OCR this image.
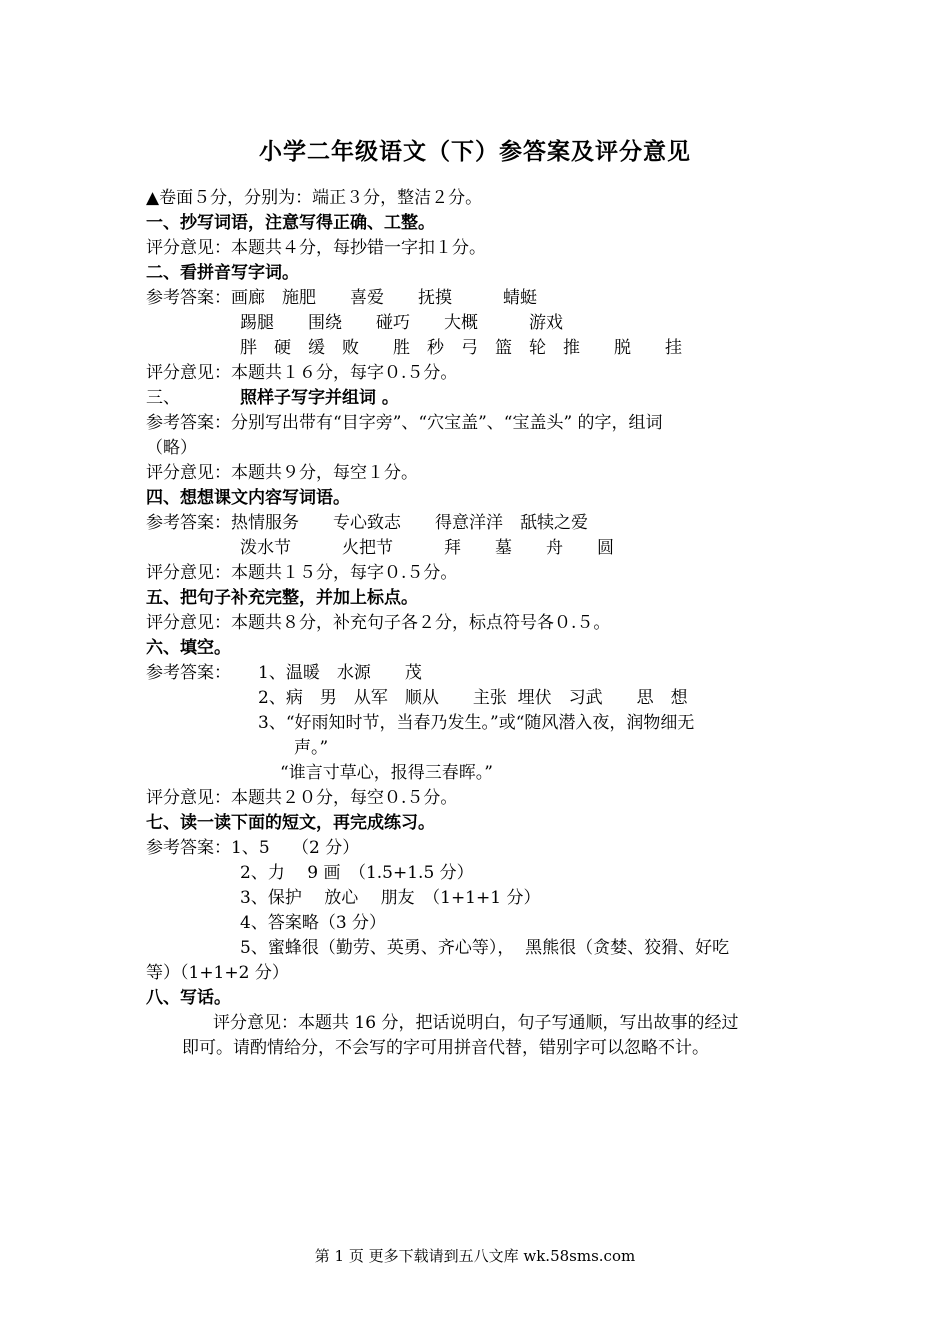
小学二年级语文（下）参答案及评分意见
▲卷面５分，分别为：端正３分，整洁２分。
一、抄写词语，注意写得正确、工整。
评分意见：本题共４分，每抄错一字扣１分。
二、看拼音写字词。
参考答案：画廊　施肥　　喜爱　　抚摸　　　蜻蜓
踢腿　　围绕　　碰巧　　大概　　　游戏
胖　硬　缓　败　　胜　秒　弓　篮　轮　推　　脱　　挂
评分意见：本题共１６分，每字０.５分。
三、	照样子写字并组词 。
参考答案：分别写出带有“目字旁”、“穴宝盖”、“宝盖头” 的字，组词
（略）
评分意见：本题共９分，每空１分。
四、想想课文内容写词语。
参考答案：热情服务　　专心致志　　得意洋洋　舐犊之爱
泼水节　　　火把节　　　拜　　墓　　舟　　圆
评分意见：本题共１５分，每字０.５分。
五、把句子补充完整，并加上标点。
评分意见：本题共８分，补充句子各２分，标点符号各０.５。
六、填空。
参考答案： 1、温暖　水源　　茂
2、病　男　从军　顺从　　主张  埋伏　习武　　思　想
3、“好雨知时节，当春乃发生。”或“随风潜入夜，润物细无
声。”
“谁言寸草心，报得三春晖。”
评分意见：本题共２０分，每空０.５分。
七、读一读下面的短文，再完成练习。
参考答案：1、5　 （2 分）
2、力　 9 画　（1.5+1.5 分）
3、保护　 放心　 朋友　（1+1+1 分）
4、答案略（3 分）
5、蜜蜂很（勤劳、英勇、齐心等），  黑熊很（贪婪、狡猾、好吃
等）（1+1+2 分）
八、写话。
评分意见：本题共 16 分，把话说明白，句子写通顺，写出故事的经过
即可。请酌情给分，不会写的字可用拼音代替，错别字可以忽略不计。
第 1 页 更多下载请到五八文库 wk.58sms.com
